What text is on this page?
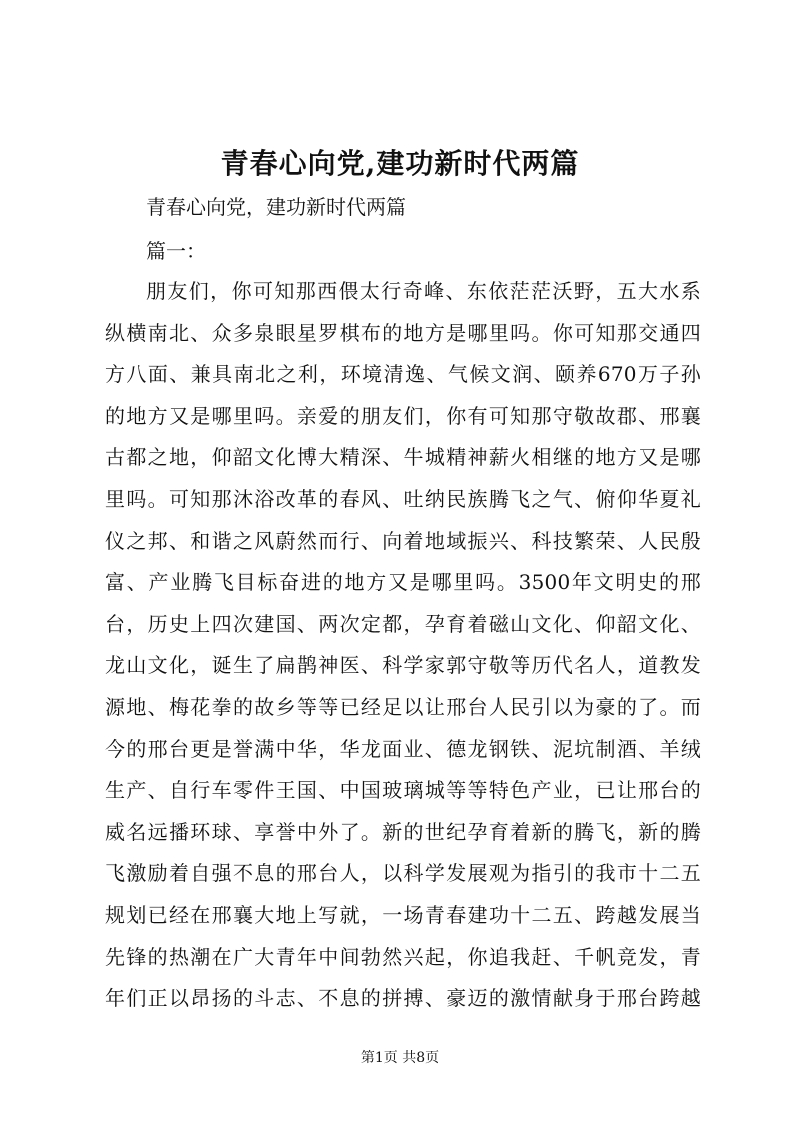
青春心向党,建功新时代两篇
青春心向党，建功新时代两篇
篇一：
朋友们，你可知那西偎太行奇峰、东依茫茫沃野，五大水系
纵横南北、众多泉眼星罗棋布的地方是哪里吗。你可知那交通四
方八面、兼具南北之利，环境清逸、气候文润、颐养670万子孙
的地方又是哪里吗。亲爱的朋友们，你有可知那守敬故郡、邢襄
古都之地，仰韶文化博大精深、牛城精神薪火相继的地方又是哪
里吗。可知那沐浴改革的春风、吐纳民族腾飞之气、俯仰华夏礼
仪之邦、和谐之风蔚然而行、向着地域振兴、科技繁荣、人民殷
富、产业腾飞目标奋进的地方又是哪里吗。3500年文明史的邢
台，历史上四次建国、两次定都，孕育着磁山文化、仰韶文化、
龙山文化，诞生了扁鹊神医、科学家郭守敬等历代名人，道教发
源地、梅花拳的故乡等等已经足以让邢台人民引以为豪的了。而
今的邢台更是誉满中华，华龙面业、德龙钢铁、泥坑制酒、羊绒
生产、自行车零件王国、中国玻璃城等等特色产业，已让邢台的
威名远播环球、享誉中外了。新的世纪孕育着新的腾飞，新的腾
飞激励着自强不息的邢台人，以科学发展观为指引的我市十二五
规划已经在邢襄大地上写就，一场青春建功十二五、跨越发展当
先锋的热潮在广大青年中间勃然兴起，你追我赶、千帆竞发，青
年们正以昂扬的斗志、不息的拼搏、豪迈的激情献身于邢台跨越
第1页 共8页
